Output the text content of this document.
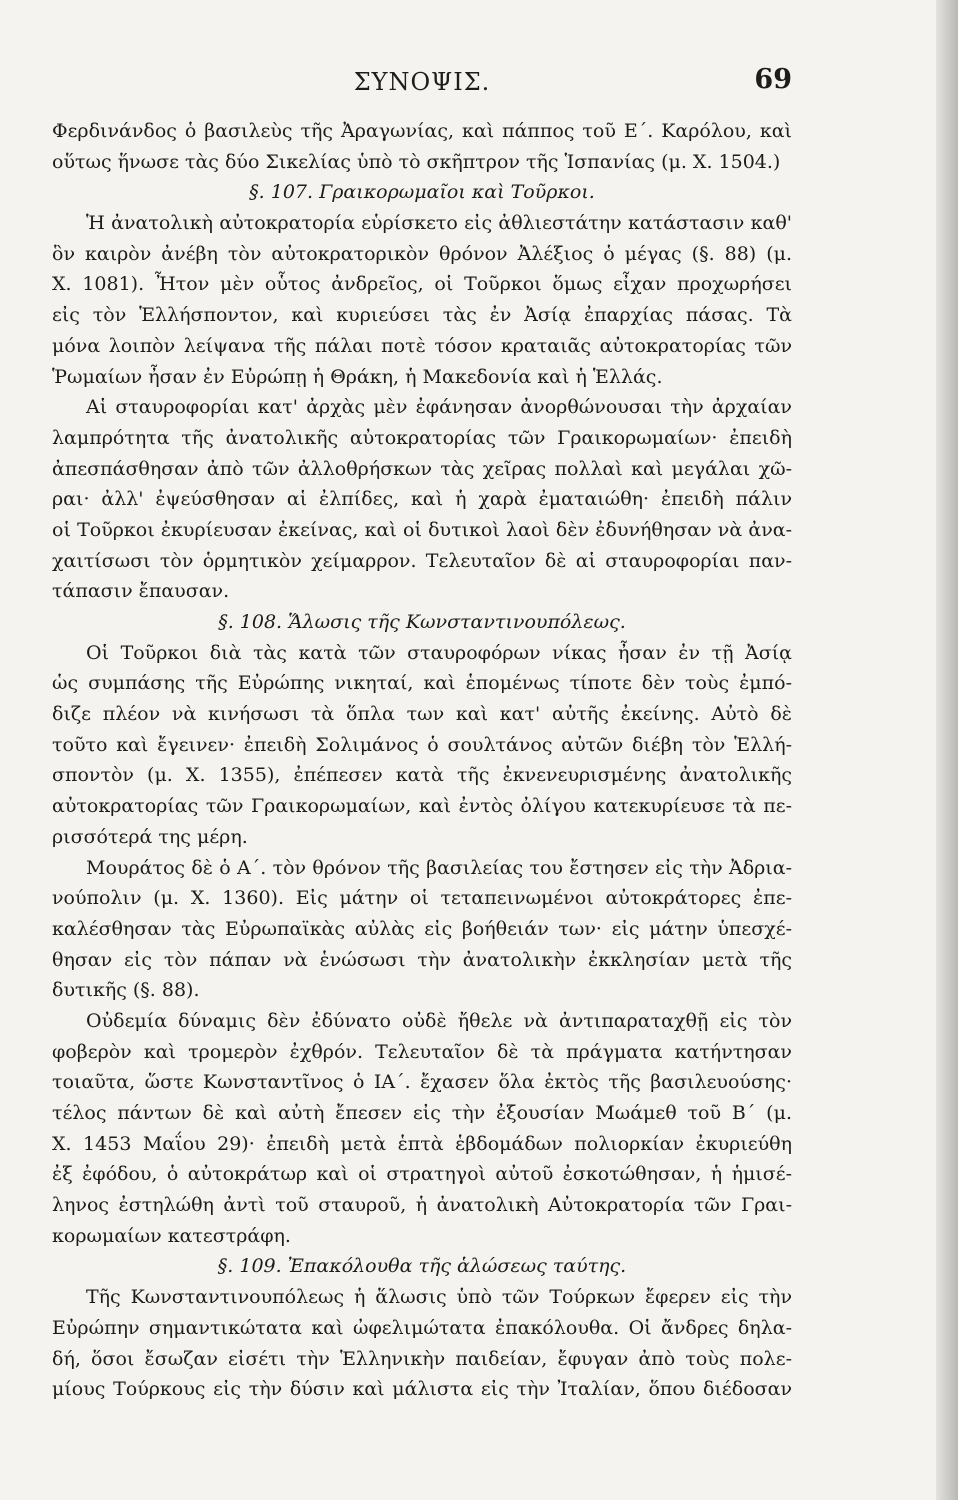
ΣΥΝΟΨΙΣ.	69
Φερδινάνδος ὁ βασιλεὺς τῆς Ἀραγωνίας, καὶ πάππος τοῦ Ε΄. Καρόλου, καὶ
οὕτως ἥνωσε τὰς δύο Σικελίας ὑπὸ τὸ σκῆπτρον τῆς Ἱσπανίας (μ. Χ. 1504.)
§. 107. Γραικορωμαῖοι καὶ Τοῦρκοι.
Ἡ ἀνατολικὴ αὐτοκρατορία εὑρίσκετο εἰς ἀθλιεστάτην κατάστασιν καθ'
ὃν καιρὸν ἀνέβη τὸν αὐτοκρατορικὸν θρόνον Ἀλέξιος ὁ μέγας (§. 88) (μ.
Χ. 1081). Ἦτον μὲν οὗτος ἀνδρεῖος, οἱ Τοῦρκοι ὅμως εἶχαν προχωρήσει
εἰς τὸν Ἑλλήσποντον, καὶ κυριεύσει τὰς ἐν Ἀσίᾳ ἐπαρχίας πάσας. Τὰ
μόνα λοιπὸν λείψανα τῆς πάλαι ποτὲ τόσον κραταιᾶς αὐτοκρατορίας τῶν
Ῥωμαίων ἦσαν ἐν Εὐρώπῃ ἡ Θράκη, ἡ Μακεδονία καὶ ἡ Ἑλλάς.
Αἱ σταυροφορίαι κατ' ἀρχὰς μὲν ἐφάνησαν ἀνορθώνουσαι τὴν ἀρχαίαν
λαμπρότητα τῆς ἀνατολικῆς αὐτοκρατορίας τῶν Γραικορωμαίων· ἐπειδὴ
ἀπεσπάσθησαν ἀπὸ τῶν ἀλλοθρήσκων τὰς χεῖρας πολλαὶ καὶ μεγάλαι χῶ-
ραι· ἀλλ' ἐψεύσθησαν αἱ ἐλπίδες, καὶ ἡ χαρὰ ἐματαιώθη· ἐπειδὴ πάλιν
οἱ Τοῦρκοι ἐκυρίευσαν ἐκείνας, καὶ οἱ δυτικοὶ λαοὶ δὲν ἐδυνήθησαν νὰ ἀνα-
χαιτίσωσι τὸν ὁρμητικὸν χείμαρρον. Τελευταῖον δὲ αἱ σταυροφορίαι παν-
τάπασιν ἔπαυσαν.
§. 108. Ἅλωσις τῆς Κωνσταντινουπόλεως.
Οἱ Τοῦρκοι διὰ τὰς κατὰ τῶν σταυροφόρων νίκας ἦσαν ἐν τῇ Ἀσίᾳ
ὡς συμπάσης τῆς Εὐρώπης νικηταί, καὶ ἑπομένως τίποτε δὲν τοὺς ἐμπό-
διζε πλέον νὰ κινήσωσι τὰ ὅπλα των καὶ κατ' αὐτῆς ἐκείνης. Αὐτὸ δὲ
τοῦτο καὶ ἔγεινεν· ἐπειδὴ Σολιμάνος ὁ σουλτάνος αὐτῶν διέβη τὸν Ἑλλή-
σποντὸν (μ. Χ. 1355), ἐπέπεσεν κατὰ τῆς ἐκνενευρισμένης ἀνατολικῆς
αὐτοκρατορίας τῶν Γραικορωμαίων, καὶ ἐντὸς ὀλίγου κατεκυρίευσε τὰ πε-
ρισσότερά της μέρη.
Μουράτος δὲ ὁ Α΄. τὸν θρόνον τῆς βασιλείας του ἔστησεν εἰς τὴν Ἀδρια-
νούπολιν (μ. Χ. 1360). Εἰς μάτην οἱ τεταπεινωμένοι αὐτοκράτορες ἐπε-
καλέσθησαν τὰς Εὐρωπαϊκὰς αὐλὰς εἰς βοήθειάν των· εἰς μάτην ὑπεσχέ-
θησαν εἰς τὸν πάπαν νὰ ἑνώσωσι τὴν ἀνατολικὴν ἐκκλησίαν μετὰ τῆς
δυτικῆς (§. 88).
Οὐδεμία δύναμις δὲν ἐδύνατο οὐδὲ ἤθελε νὰ ἀντιπαραταχθῇ εἰς τὸν
φοβερὸν καὶ τρομερὸν ἐχθρόν. Τελευταῖον δὲ τὰ πράγματα κατήντησαν
τοιαῦτα, ὥστε Κωνσταντῖνος ὁ ΙΑ΄. ἔχασεν ὅλα ἐκτὸς τῆς βασιλευούσης·
τέλος πάντων δὲ καὶ αὐτὴ ἔπεσεν εἰς τὴν ἐξουσίαν Μωάμεθ τοῦ Β΄ (μ.
Χ. 1453 Μαΐου 29)· ἐπειδὴ μετὰ ἑπτὰ ἑβδομάδων πολιορκίαν ἐκυριεύθη
ἐξ ἐφόδου, ὁ αὐτοκράτωρ καὶ οἱ στρατηγοὶ αὐτοῦ ἐσκοτώθησαν, ἡ ἡμισέ-
ληνος ἐστηλώθη ἀντὶ τοῦ σταυροῦ, ἡ ἀνατολικὴ Αὐτοκρατορία τῶν Γραι-
κορωμαίων κατεστράφη.
§. 109. Ἐπακόλουθα τῆς ἁλώσεως ταύτης.
Τῆς Κωνσταντινουπόλεως ἡ ἅλωσις ὑπὸ τῶν Τούρκων ἔφερεν εἰς τὴν
Εὐρώπην σημαντικώτατα καὶ ὠφελιμώτατα ἐπακόλουθα. Οἱ ἄνδρες δηλα-
δή, ὅσοι ἔσωζαν εἰσέτι τὴν Ἑλληνικὴν παιδείαν, ἔφυγαν ἀπὸ τοὺς πολε-
μίους Τούρκους εἰς τὴν δύσιν καὶ μάλιστα εἰς τὴν Ἰταλίαν, ὅπου διέδοσαν
